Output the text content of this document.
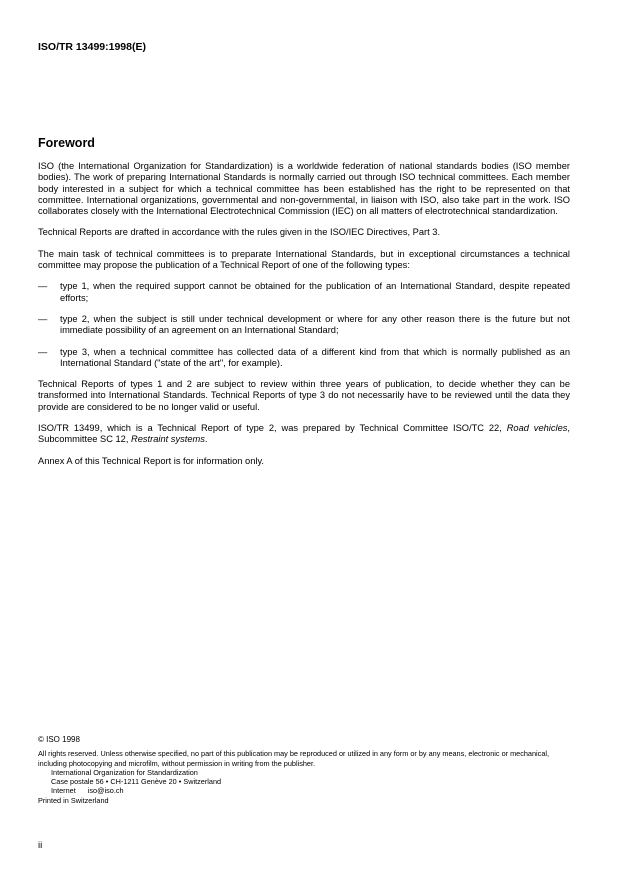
ISO/TR 13499:1998(E)
Foreword

ISO (the International Organization for Standardization) is a worldwide federation of national standards bodies (ISO member bodies). The work of preparing International Standards is normally carried out through ISO technical committees. Each member body interested in a subject for which a technical committee has been established has the right to be represented on that committee. International organizations, governmental and non-governmental, in liaison with ISO, also take part in the work. ISO collaborates closely with the International Electrotechnical Commission (IEC) on all matters of electrotechnical standardization.

Technical Reports are drafted in accordance with the rules given in the ISO/IEC Directives, Part 3.

The main task of technical committees is to preparate International Standards, but in exceptional circumstances a technical committee may propose the publication of a Technical Report of one of the following types:

—	type 1, when the required support cannot be obtained for the publication of an International Standard, despite repeated efforts;
—	type 2, when the subject is still under technical development or where for any other reason there is the future but not immediate possibility of an agreement on an International Standard;
—	type 3, when a technical committee has collected data of a different kind from that which is normally published as an International Standard ("state of the art", for example).

Technical Reports of types 1 and 2 are subject to review within three years of publication, to decide whether they can be transformed into International Standards. Technical Reports of type 3 do not necessarily have to be reviewed until the data they provide are considered to be no longer valid or useful.

ISO/TR 13499, which is a Technical Report of type 2, was prepared by Technical Committee ISO/TC 22, Road vehicles, Subcommittee SC 12, Restraint systems.

Annex A of this Technical Report is for information only.

© ISO 1998
All rights reserved. Unless otherwise specified, no part of this publication may be reproduced or utilized in any form or by any means, electronic or mechanical, including photocopying and microfilm, without permission in writing from the publisher.
International Organization for Standardization
Case postale 56 • CH-1211 Genève 20 • Switzerland
Internet iso@iso.ch
Printed in Switzerland
ii
